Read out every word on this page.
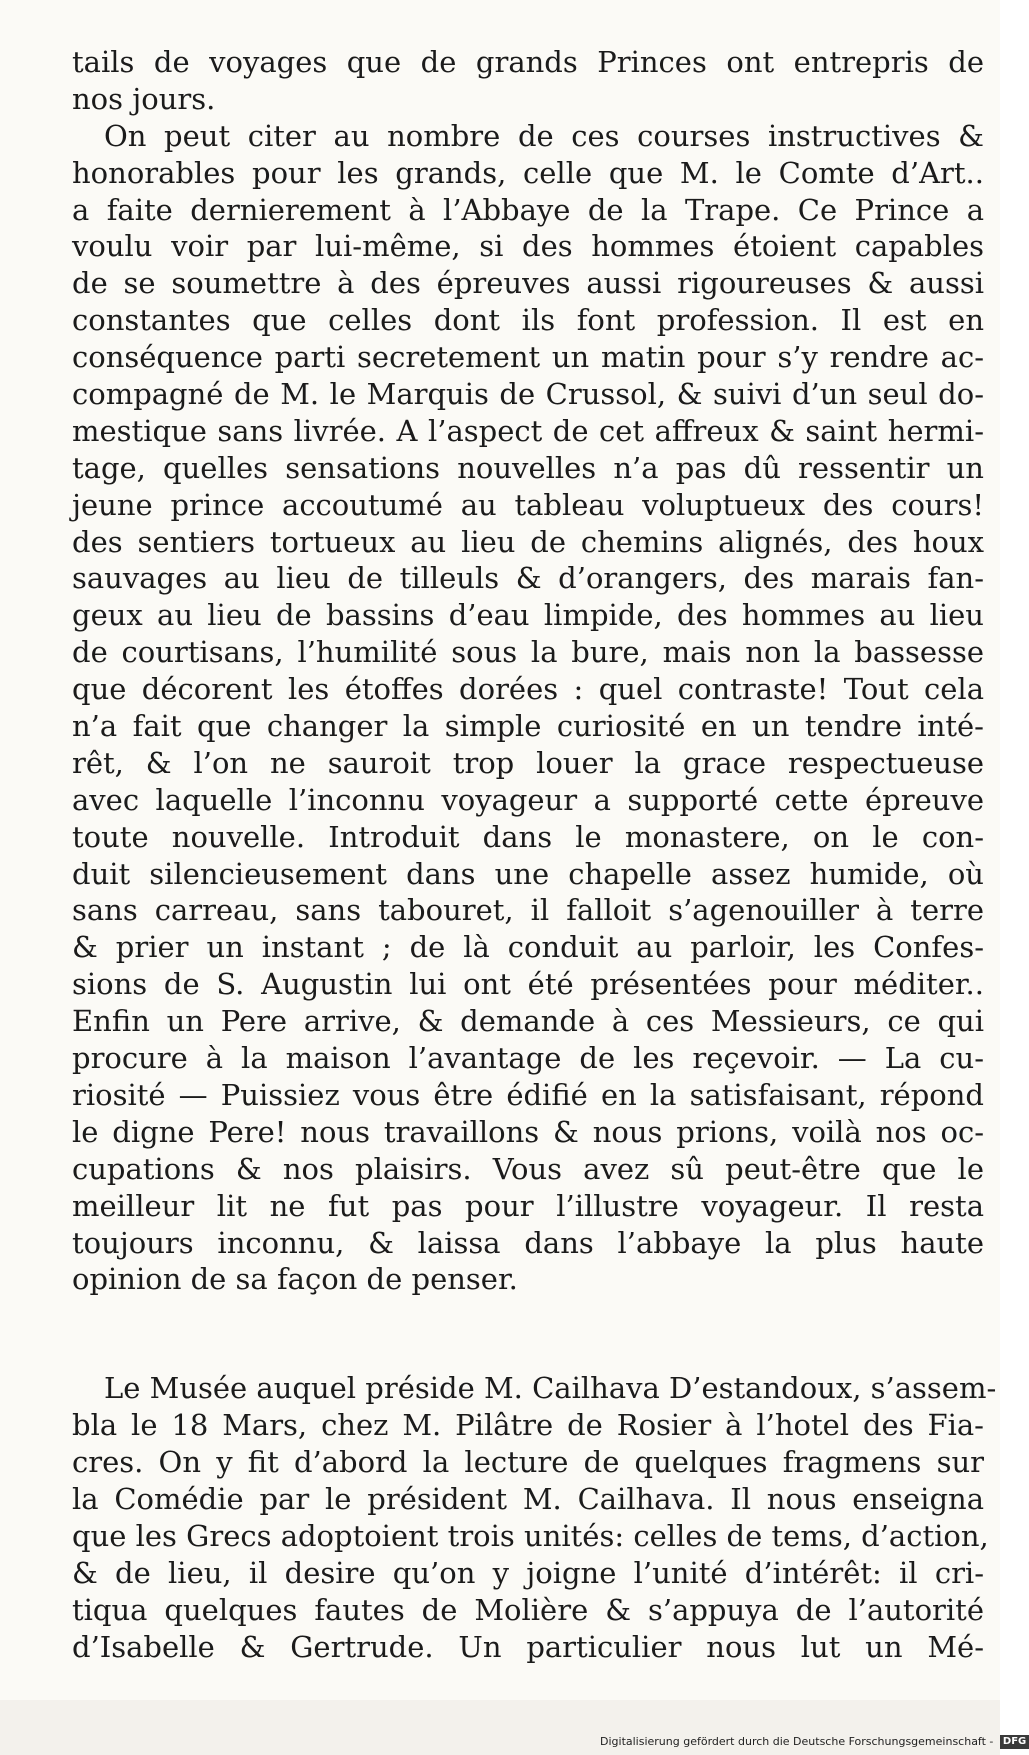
tails de voyages que de grands Princes ont entrepris de
nos jours.
On peut citer au nombre de ces courses instructives &
honorables pour les grands, celle que M. le Comte d’Art..
a faite dernierement à l’Abbaye de la Trape. Ce Prince a
voulu voir par lui-même, si des hommes étoient capables
de se soumettre à des épreuves aussi rigoureuses & aussi
constantes que celles dont ils font profession. Il est en
conséquence parti secretement un matin pour s’y rendre ac-
compagné de M. le Marquis de Crussol, & suivi d’un seul do-
mestique sans livrée. A l’aspect de cet affreux & saint hermi-
tage, quelles sensations nouvelles n’a pas dû ressentir un
jeune prince accoutumé au tableau voluptueux des cours!
des sentiers tortueux au lieu de chemins alignés, des houx
sauvages au lieu de tilleuls & d’orangers, des marais fan-
geux au lieu de bassins d’eau limpide, des hommes au lieu
de courtisans, l’humilité sous la bure, mais non la bassesse
que décorent les étoffes dorées : quel contraste! Tout cela
n’a fait que changer la simple curiosité en un tendre inté-
rêt, & l’on ne sauroit trop louer la grace respectueuse
avec laquelle l’inconnu voyageur a supporté cette épreuve
toute nouvelle. Introduit dans le monastere, on le con-
duit silencieusement dans une chapelle assez humide, où
sans carreau, sans tabouret, il falloit s’agenouiller à terre
& prier un instant ; de là conduit au parloir, les Confes-
sions de S. Augustin lui ont été présentées pour méditer..
Enfin un Pere arrive, & demande à ces Messieurs, ce qui
procure à la maison l’avantage de les reçevoir. — La cu-
riosité — Puissiez vous être édifié en la satisfaisant, répond
le digne Pere! nous travaillons & nous prions, voilà nos oc-
cupations & nos plaisirs. Vous avez sû peut-être que le
meilleur lit ne fut pas pour l’illustre voyageur. Il resta
toujours inconnu, & laissa dans l’abbaye la plus haute
opinion de sa façon de penser.
Le Musée auquel préside M. Cailhava D’estandoux, s’assem-
bla le 18 Mars, chez M. Pilâtre de Rosier à l’hotel des Fia-
cres. On y fit d’abord la lecture de quelques fragmens sur
la Comédie par le président M. Cailhava. Il nous enseigna
que les Grecs adoptoient trois unités: celles de tems, d’action,
& de lieu, il desire qu’on y joigne l’unité d’intérêt: il cri-
tiqua quelques fautes de Molière & s’appuya de l’autorité
d’Isabelle & Gertrude. Un particulier nous lut un Mé-
Digitalisierung gefördert durch die Deutsche Forschungsgemeinschaft - DFG
